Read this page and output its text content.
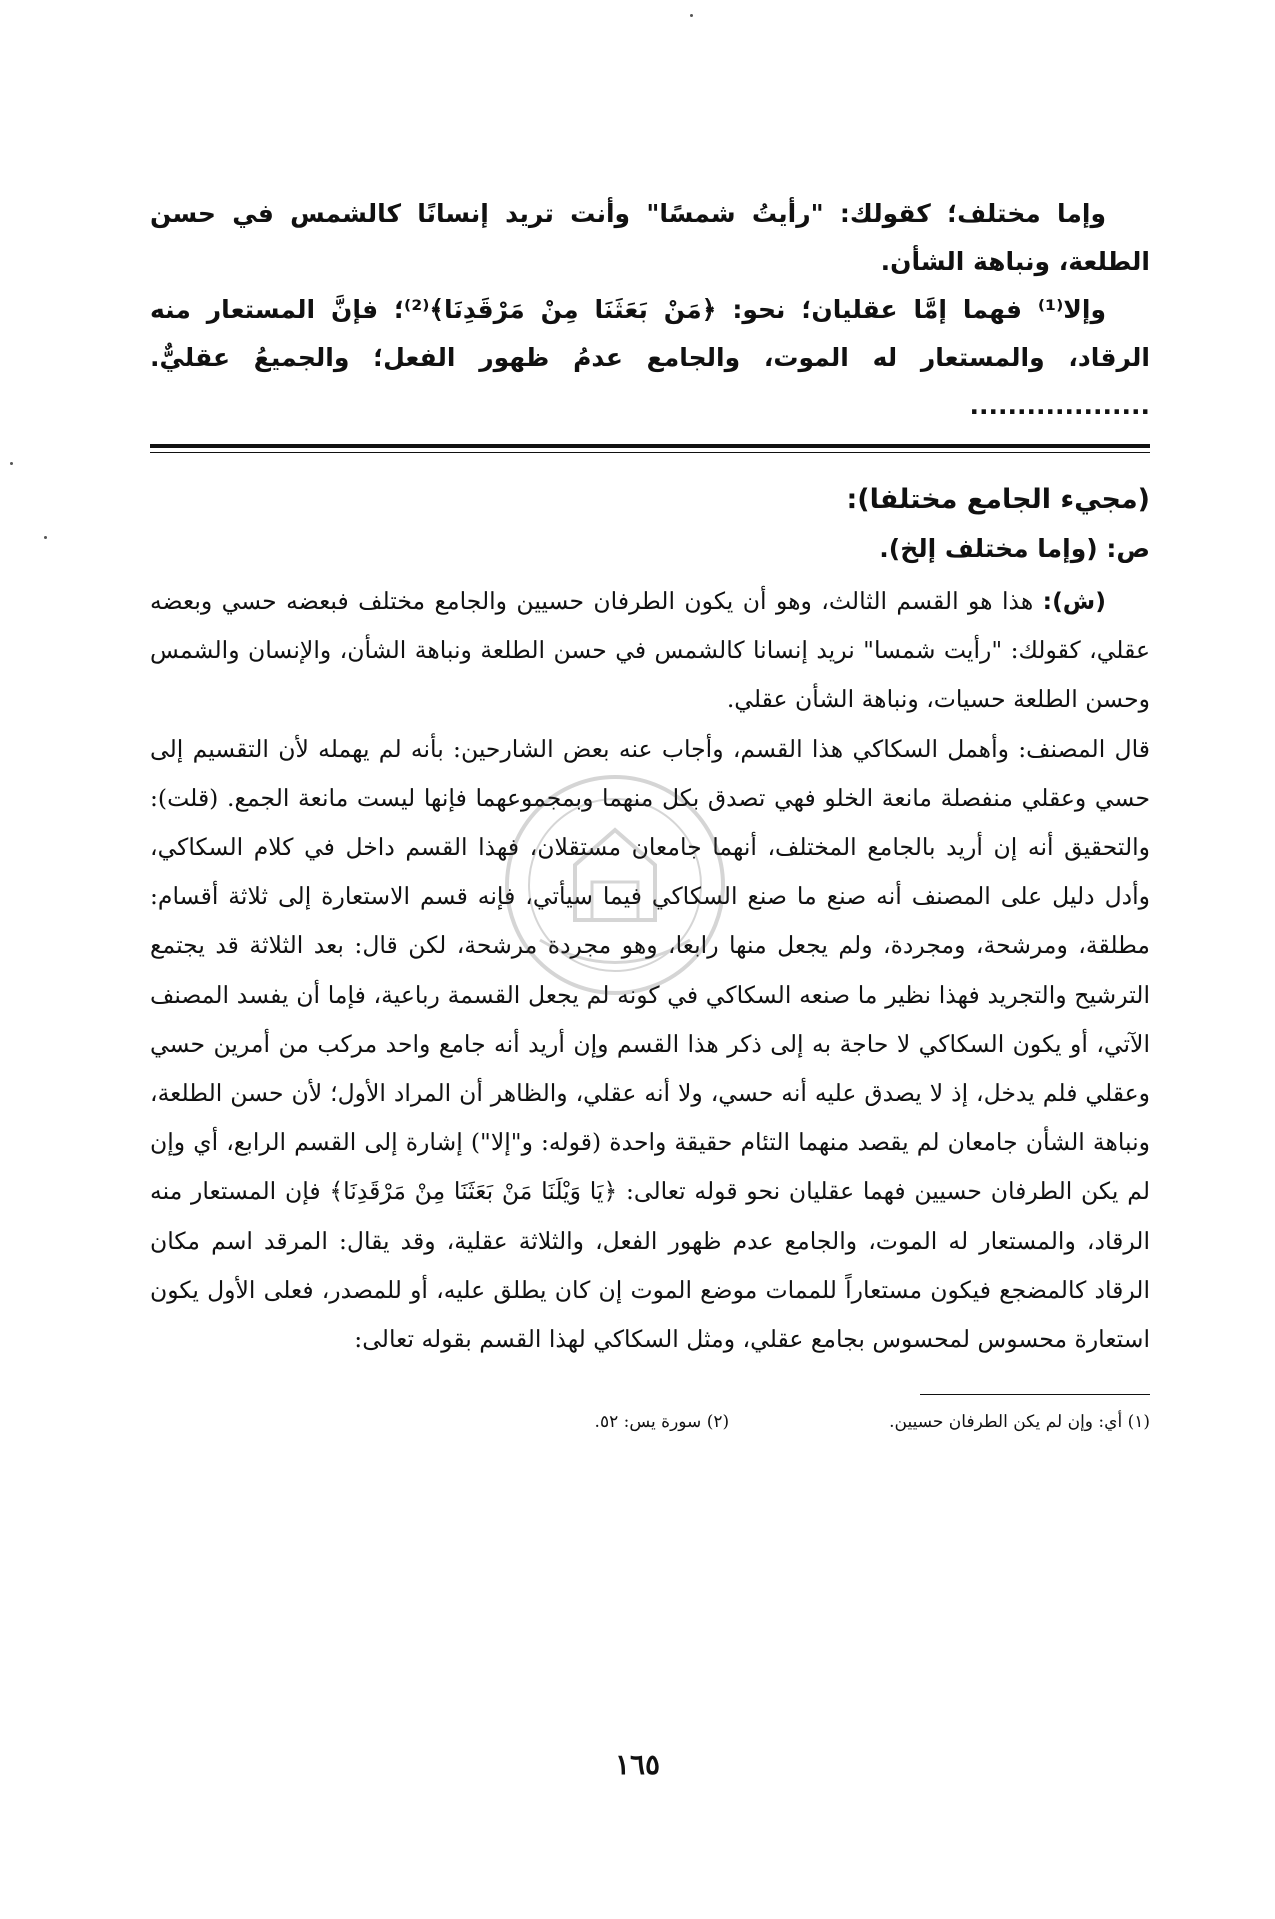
وإما مختلف؛ كقولك: "رأيتُ شمسًا" وأنت تريد إنسانًا كالشمس في حسن الطلعة، ونباهة الشأن.

وإلا⁽¹⁾ فهما إمَّا عقليان؛ نحو: ﴿مَنْ بَعَثَنَا مِنْ مَرْقَدِنَا﴾⁽²⁾؛ فإنَّ المستعار منه الرقاد، والمستعار له الموت، والجامع عدمُ ظهور الفعل؛ والجميعُ عقليٌّ. ...................

(مجيء الجامع مختلفا):

ص: (وإما مختلف إلخ).

(ش): هذا هو القسم الثالث، وهو أن يكون الطرفان حسيين والجامع مختلف فبعضه حسي وبعضه عقلي، كقولك: "رأيت شمسا" نريد إنسانا كالشمس في حسن الطلعة ونباهة الشأن، والإنسان والشمس وحسن الطلعة حسيات، ونباهة الشأن عقلي.

قال المصنف: وأهمل السكاكي هذا القسم، وأجاب عنه بعض الشارحين: بأنه لم يهمله لأن التقسيم إلى حسي وعقلي منفصلة مانعة الخلو فهي تصدق بكل منهما وبمجموعهما فإنها ليست مانعة الجمع. (قلت): والتحقيق أنه إن أريد بالجامع المختلف، أنهما جامعان مستقلان، فهذا القسم داخل في كلام السكاكي، وأدل دليل على المصنف أنه صنع ما صنع السكاكي فيما سيأتي، فإنه قسم الاستعارة إلى ثلاثة أقسام: مطلقة، ومرشحة، ومجردة، ولم يجعل منها رابعا، وهو مجردة مرشحة، لكن قال: بعد الثلاثة قد يجتمع الترشيح والتجريد فهذا نظير ما صنعه السكاكي في كونه لم يجعل القسمة رباعية، فإما أن يفسد المصنف الآتي، أو يكون السكاكي لا حاجة به إلى ذكر هذا القسم وإن أريد أنه جامع واحد مركب من أمرين حسي وعقلي فلم يدخل، إذ لا يصدق عليه أنه حسي، ولا أنه عقلي، والظاهر أن المراد الأول؛ لأن حسن الطلعة، ونباهة الشأن جامعان لم يقصد منهما التئام حقيقة واحدة (قوله: و"إلا") إشارة إلى القسم الرابع، أي وإن لم يكن الطرفان حسيين فهما عقليان نحو قوله تعالى: ﴿يَا وَيْلَنَا مَنْ بَعَثَنَا مِنْ مَرْقَدِنَا﴾ فإن المستعار منه الرقاد، والمستعار له الموت، والجامع عدم ظهور الفعل، والثلاثة عقلية، وقد يقال: المرقد اسم مكان الرقاد كالمضجع فيكون مستعاراً للممات موضع الموت إن كان يطلق عليه، أو للمصدر، فعلى الأول يكون استعارة محسوس لمحسوس بجامع عقلي، ومثل السكاكي لهذا القسم بقوله تعالى:

(١) أي: وإن لم يكن الطرفان حسيين.
(٢) سورة يس: ٥٢.
١٦٥
